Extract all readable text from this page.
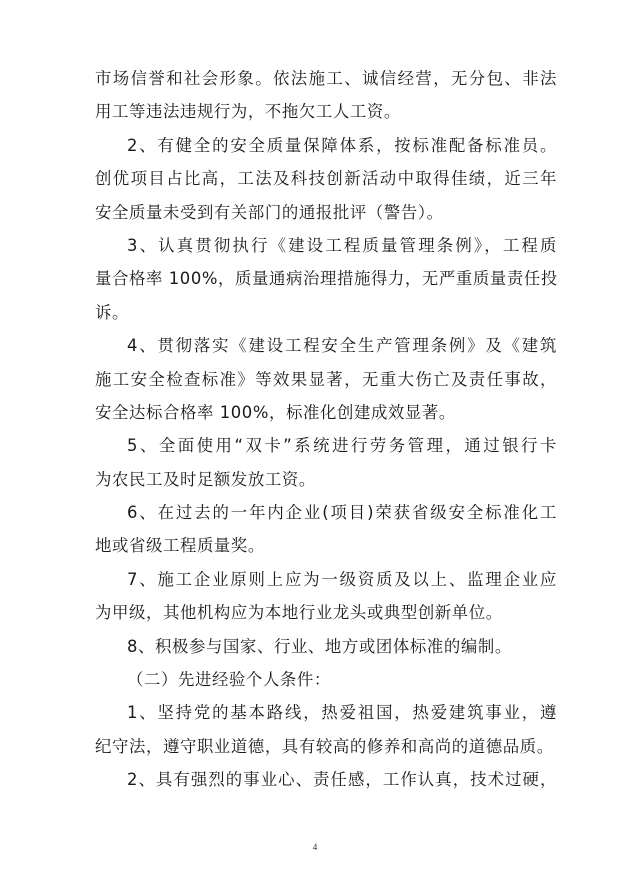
市场信誉和社会形象。依法施工、诚信经营，无分包、非法
用工等违法违规行为，不拖欠工人工资。
2、有健全的安全质量保障体系，按标准配备标准员。
创优项目占比高，工法及科技创新活动中取得佳绩，近三年
安全质量未受到有关部门的通报批评（警告）。
3、认真贯彻执行《建设工程质量管理条例》，工程质
量合格率 100%，质量通病治理措施得力，无严重质量责任投
诉。
4、贯彻落实《建设工程安全生产管理条例》及《建筑
施工安全检查标准》等效果显著，无重大伤亡及责任事故，
安全达标合格率 100%，标准化创建成效显著。
5、全面使用“双卡”系统进行劳务管理，通过银行卡
为农民工及时足额发放工资。
6、在过去的一年内企业(项目)荣获省级安全标准化工
地或省级工程质量奖。
7、施工企业原则上应为一级资质及以上、监理企业应
为甲级，其他机构应为本地行业龙头或典型创新单位。
8、积极参与国家、行业、地方或团体标准的编制。
（二）先进经验个人条件：
1、坚持党的基本路线，热爱祖国，热爱建筑事业，遵
纪守法，遵守职业道德，具有较高的修养和高尚的道德品质。
2、具有强烈的事业心、责任感，工作认真，技术过硬，
4
